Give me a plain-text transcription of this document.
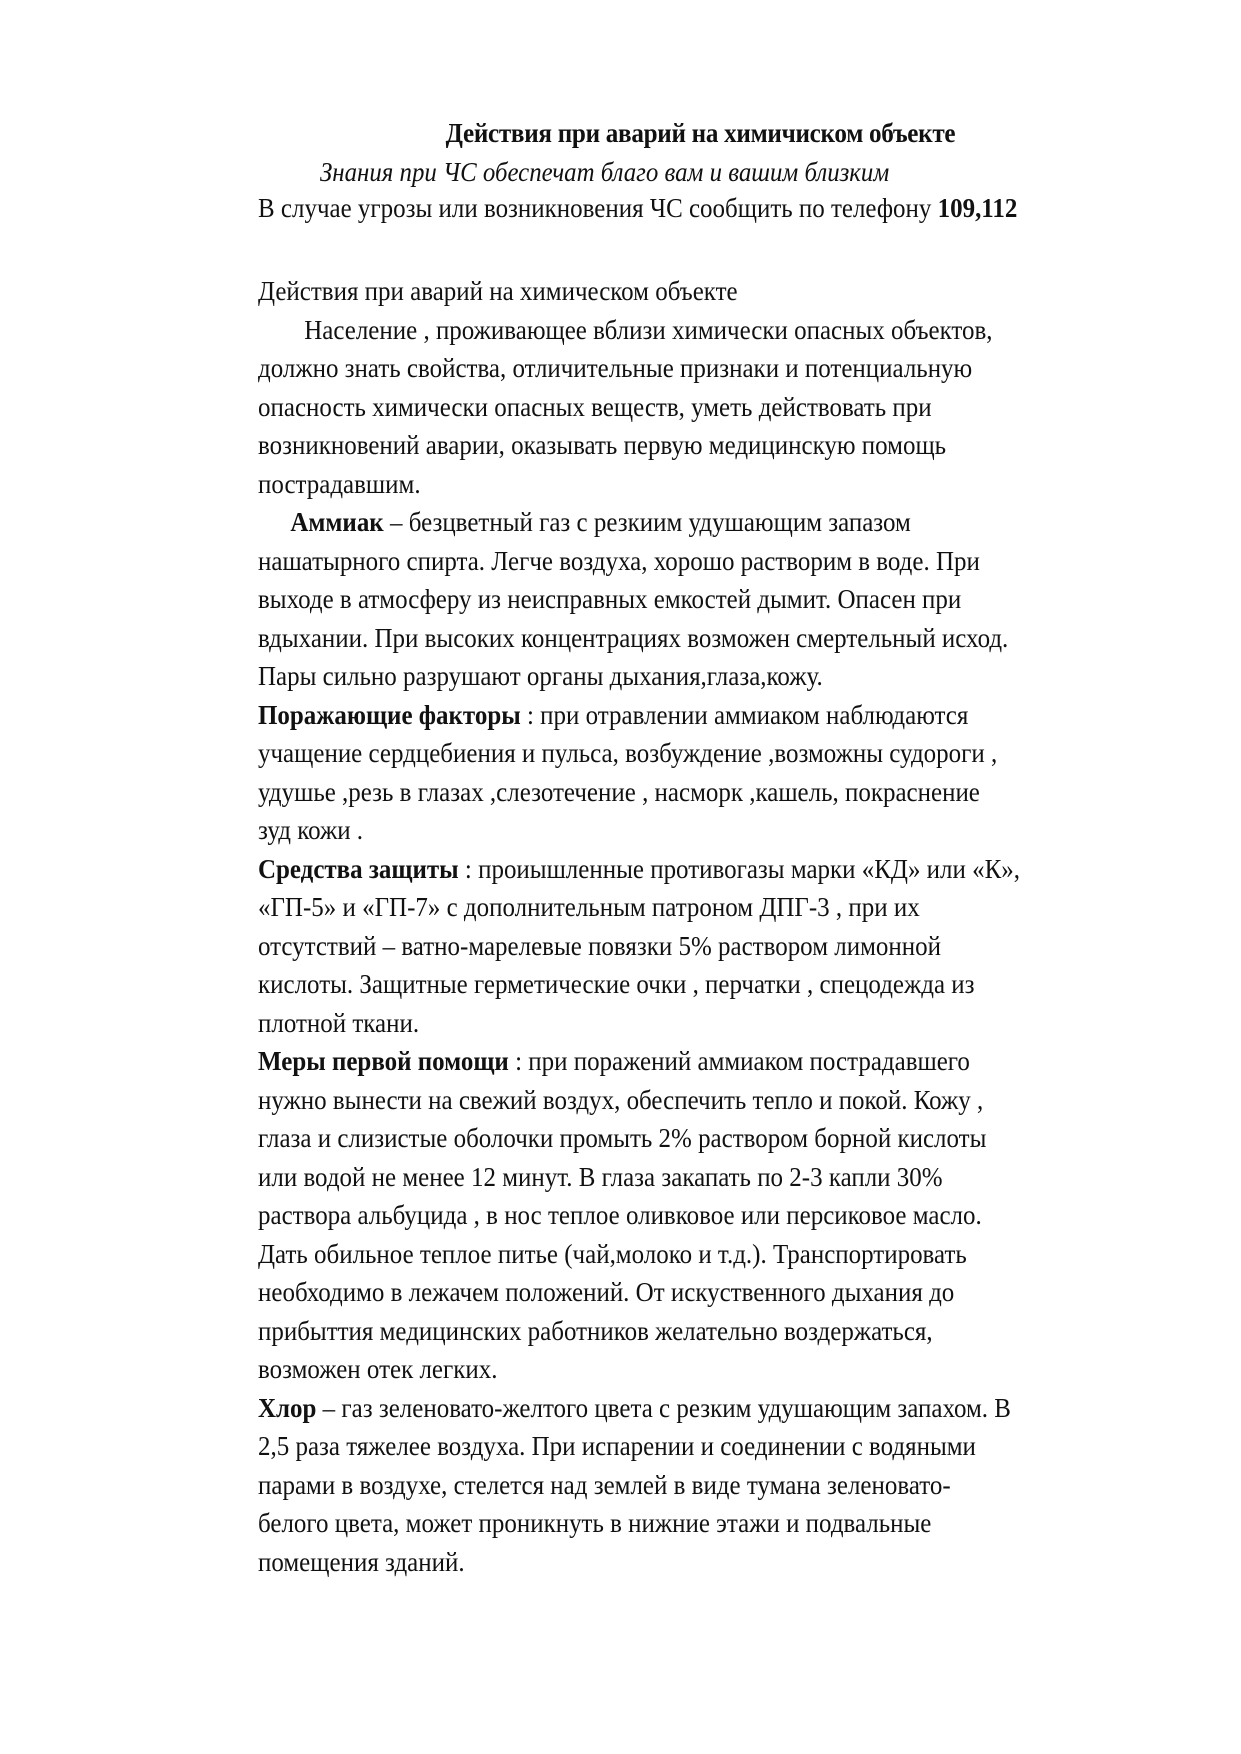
Действия при аварий на химичиском объекте
Знания при ЧС обеспечат благо вам и вашим близким
В случае угрозы или возникновения ЧС сообщить по телефону 109,112
Действия при аварий на химическом объекте
Население , проживающее вблизи химически опасных объектов,
должно знать свойства, отличительные признаки и потенциальную
опасность химически опасных веществ, уметь действовать при
возникновений аварии, оказывать первую медицинскую помощь
пострадавшим.
Аммиак – безцветный газ с резкиим удушающим запазом
нашатырного спирта. Легче воздуха, хорошо растворим в воде. При
выходе в атмосферу из неисправных емкостей дымит. Опасен при
вдыхании. При высоких концентрациях возможен смертельный исход.
Пары сильно разрушают органы дыхания,глаза,кожу.
Поражающие факторы : при отравлении аммиаком наблюдаются
учащение сердцебиения и пульса, возбуждение ,возможны судороги ,
удушье ,резь в глазах ,слезотечение , насморк ,кашель, покраснение
зуд кожи .
Средства защиты : проиышленные противогазы марки «КД» или «К»,
«ГП-5» и «ГП-7» с дополнительным патроном ДПГ-3 , при их
отсутствий – ватно-марелевые повязки 5% раствором лимонной
кислоты. Защитные герметические очки , перчатки , спецодежда из
плотной ткани.
Меры первой помощи : при поражений аммиаком пострадавшего
нужно вынести на свежий воздух, обеспечить тепло и покой. Кожу ,
глаза и слизистые оболочки промыть 2% раствором борной кислоты
или водой не менее 12 минут. В глаза закапать по 2-3 капли 30%
раствора альбуцида , в нос теплое оливковое или персиковое масло.
Дать обильное теплое питье (чай,молоко и т.д.). Транспортировать
необходимо в лежачем положений. От искуственного дыхания до
прибыттия медицинских работников желательно воздержаться,
возможен отек легких.
Хлор – газ зеленовато-желтого цвета с резким удушающим запахом. В
2,5 раза тяжелее воздуха. При испарении и соединении с водяными
парами в воздухе, стелется над землей в виде тумана зеленовато-
белого цвета, может проникнуть в нижние этажи и подвальные
помещения зданий.
